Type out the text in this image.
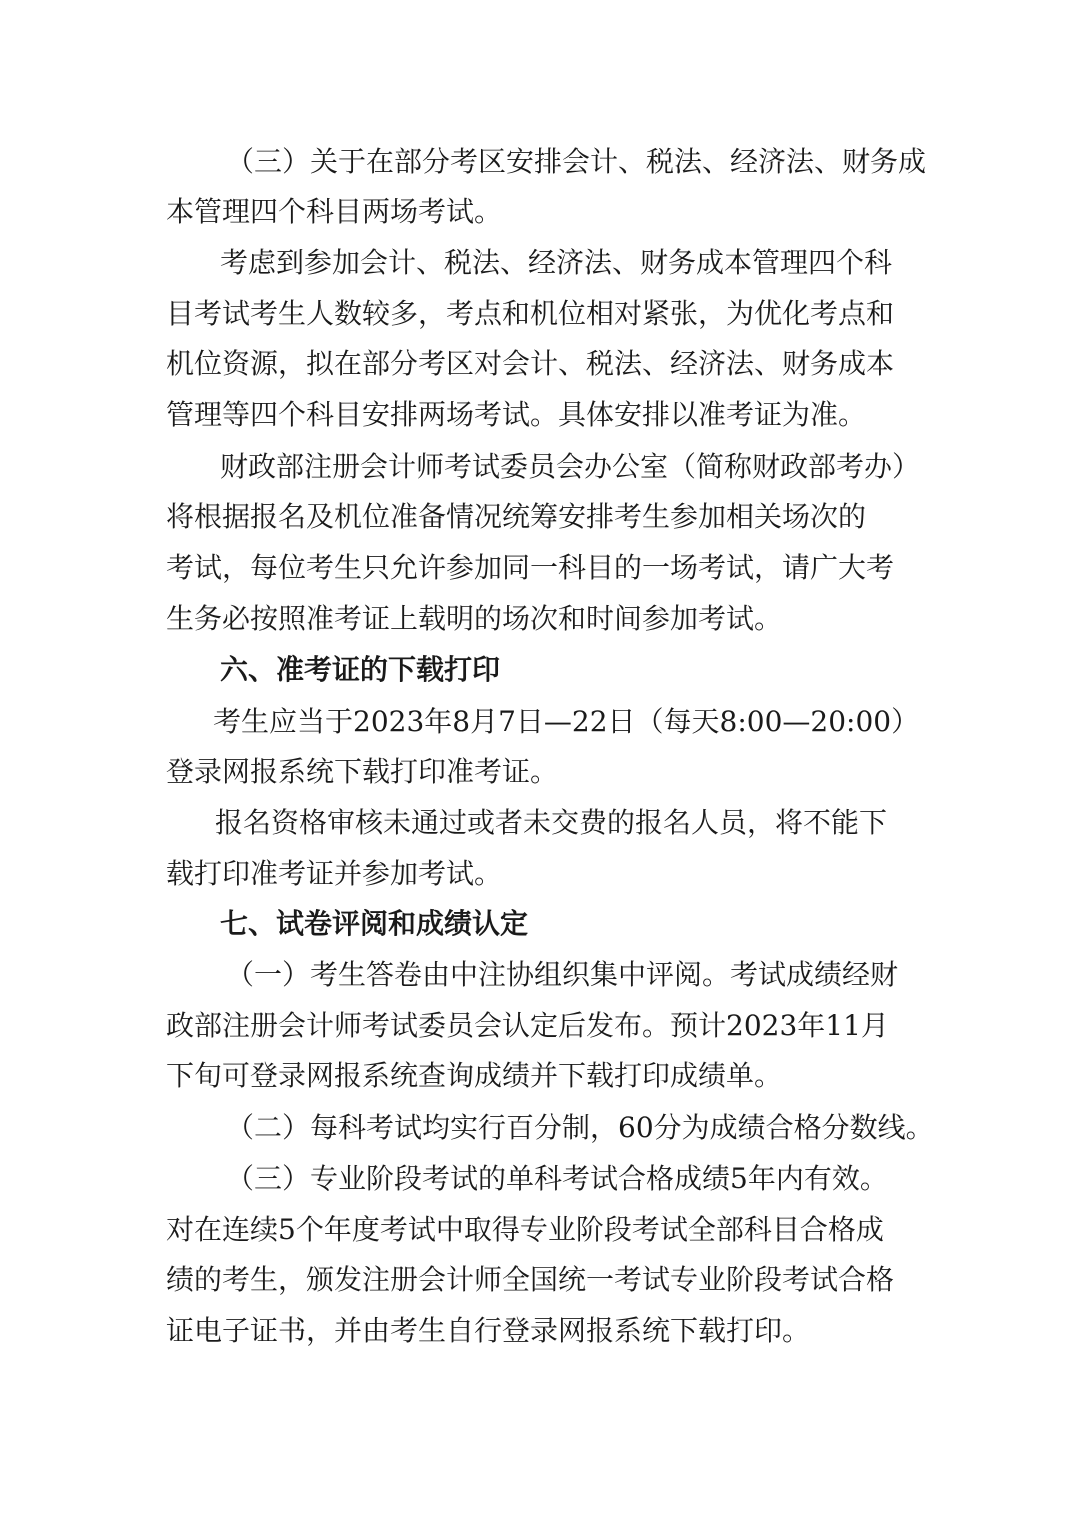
（三）关于在部分考区安排会计、税法、经济法、财务成
本管理四个科目两场考试。
考虑到参加会计、税法、经济法、财务成本管理四个科
目考试考生人数较多，考点和机位相对紧张，为优化考点和
机位资源，拟在部分考区对会计、税法、经济法、财务成本
管理等四个科目安排两场考试。具体安排以准考证为准。
财政部注册会计师考试委员会办公室（简称财政部考办）
将根据报名及机位准备情况统筹安排考生参加相关场次的
考试，每位考生只允许参加同一科目的一场考试，请广大考
生务必按照准考证上载明的场次和时间参加考试。
六、准考证的下载打印
考生应当于2023年8月7日—22日（每天8:00—20:00）
登录网报系统下载打印准考证。
报名资格审核未通过或者未交费的报名人员，将不能下
载打印准考证并参加考试。
七、试卷评阅和成绩认定
（一）考生答卷由中注协组织集中评阅。考试成绩经财
政部注册会计师考试委员会认定后发布。预计2023年11月
下旬可登录网报系统查询成绩并下载打印成绩单。
（二）每科考试均实行百分制，60分为成绩合格分数线。
（三）专业阶段考试的单科考试合格成绩5年内有效。
对在连续5个年度考试中取得专业阶段考试全部科目合格成
绩的考生，颁发注册会计师全国统一考试专业阶段考试合格
证电子证书，并由考生自行登录网报系统下载打印。
